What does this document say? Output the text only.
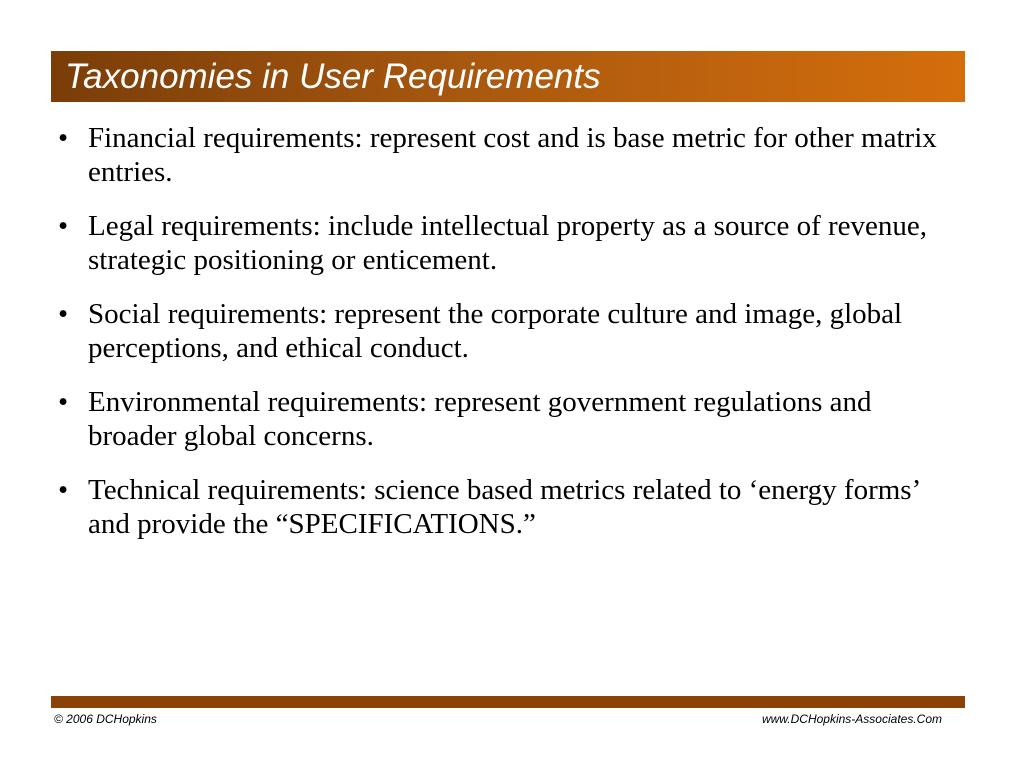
Taxonomies in User Requirements
• Financial requirements: represent cost and is base metric for other matrix entries.
• Legal requirements: include intellectual property as a source of revenue, strategic positioning or enticement.
• Social requirements: represent the corporate culture and image, global perceptions, and ethical conduct.
• Environmental requirements: represent government regulations and broader global concerns.
• Technical requirements: science based metrics related to ‘energy forms’ and provide the “SPECIFICATIONS.”
© 2006 DCHopkins	www.DCHopkins-Associates.Com
